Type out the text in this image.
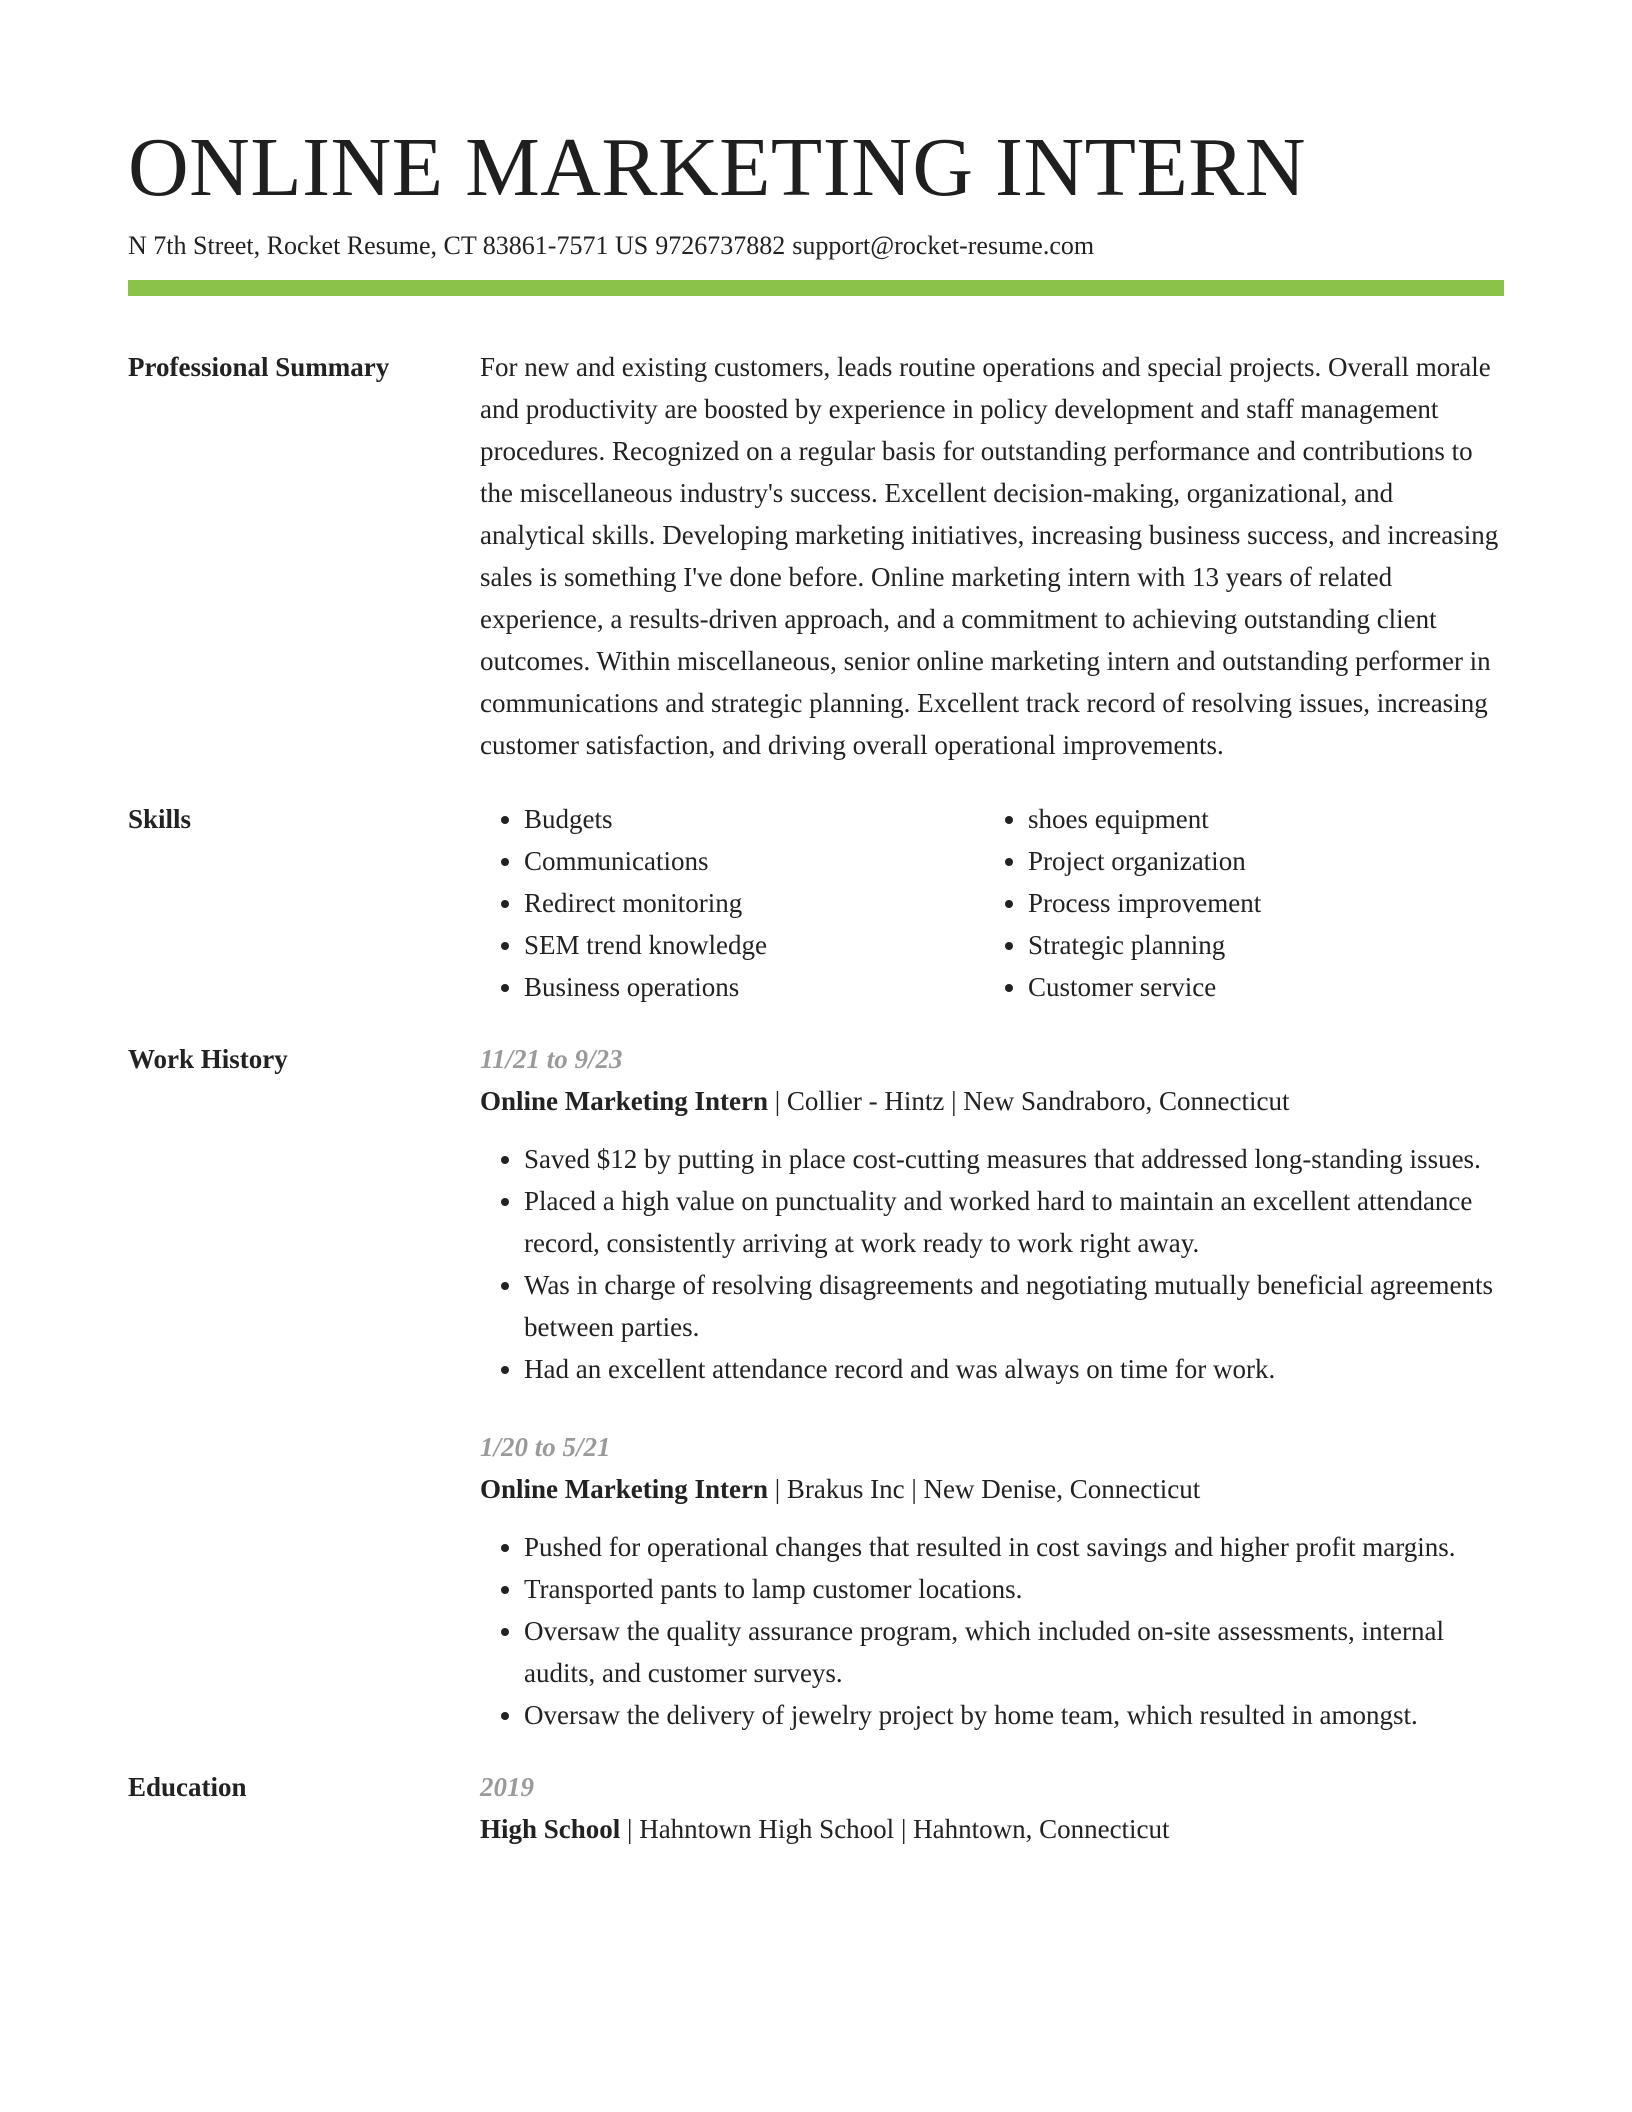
ONLINE MARKETING INTERN
N 7th Street, Rocket Resume, CT 83861-7571 US 9726737882 support@rocket-resume.com
Professional Summary	For new and existing customers, leads routine operations and special projects. Overall morale and productivity are boosted by experience in policy development and staff management procedures. Recognized on a regular basis for outstanding performance and contributions to the miscellaneous industry's success. Excellent decision-making, organizational, and analytical skills. Developing marketing initiatives, increasing business success, and increasing sales is something I've done before. Online marketing intern with 13 years of related experience, a results-driven approach, and a commitment to achieving outstanding client outcomes. Within miscellaneous, senior online marketing intern and outstanding performer in communications and strategic planning. Excellent track record of resolving issues, increasing customer satisfaction, and driving overall operational improvements.
Skills
•	Budgets
• Communications
• Redirect monitoring
• SEM trend knowledge
• Business operations
• shoes equipment
• Project organization
• Process improvement
• Strategic planning
• Customer service
Work History	11/21 to 9/23
Online Marketing Intern | Collier - Hintz | New Sandraboro, Connecticut
• Saved $12 by putting in place cost-cutting measures that addressed long-standing issues.
• Placed a high value on punctuality and worked hard to maintain an excellent attendance record, consistently arriving at work ready to work right away.
• Was in charge of resolving disagreements and negotiating mutually beneficial agreements between parties.
• Had an excellent attendance record and was always on time for work.
1/20 to 5/21
Online Marketing Intern | Brakus Inc | New Denise, Connecticut
• Pushed for operational changes that resulted in cost savings and higher profit margins.
• Transported pants to lamp customer locations.
• Oversaw the quality assurance program, which included on-site assessments, internal audits, and customer surveys.
• Oversaw the delivery of jewelry project by home team, which resulted in amongst.
Education	2019
High School | Hahntown High School | Hahntown, Connecticut
